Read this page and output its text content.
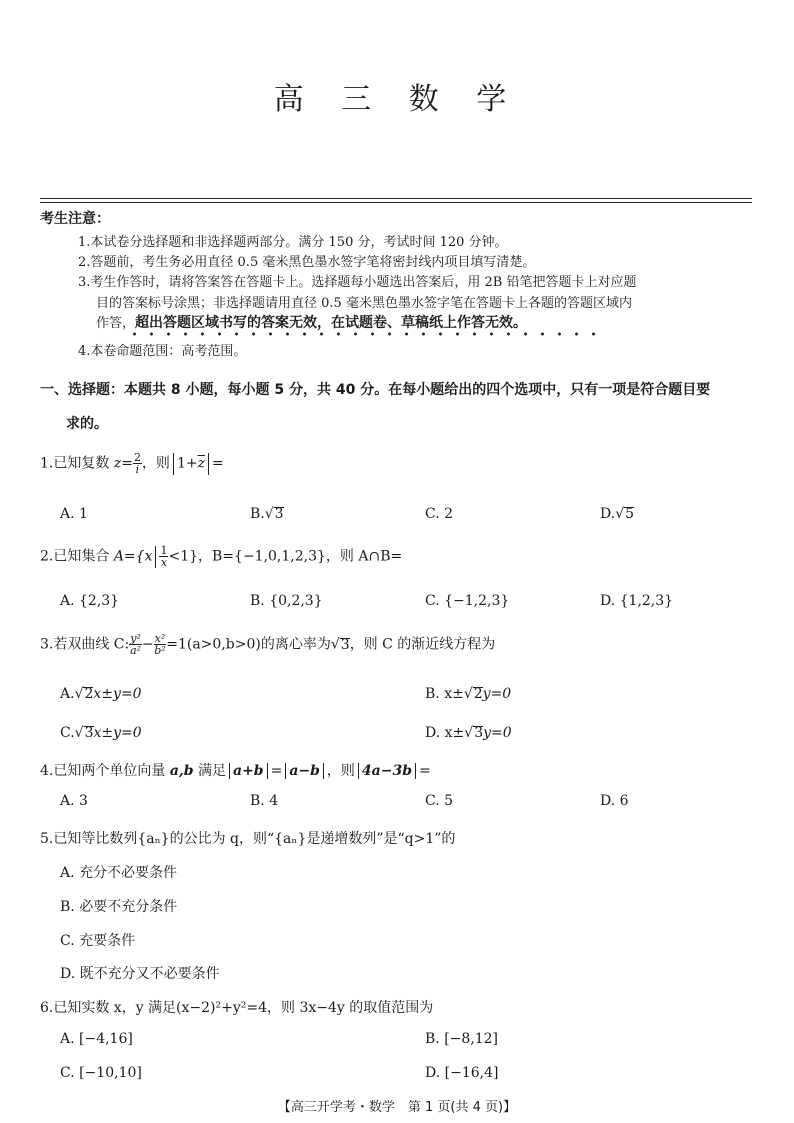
高 三 数 学
考生注意：
1.本试卷分选择题和非选择题两部分。满分 150 分，考试时间 120 分钟。
2.答题前，考生务必用直径 0.5 毫米黑色墨水签字笔将密封线内项目填写清楚。
3.考生作答时，请将答案答在答题卡上。选择题每小题选出答案后，用 2B 铅笔把答题卡上对应题
目的答案标号涂黑；非选择题请用直径 0.5 毫米黑色墨水签字笔在答题卡上各题的答题区域内
作答，超出答题区域书写的答案无效，在试题卷、草稿纸上作答无效。
4.本卷命题范围：高考范围。
一、选择题：本题共 8 小题，每小题 5 分，共 40 分。在每小题给出的四个选项中，只有一项是符合题目要
求的。
1.已知复数 $z= \frac{2}{i}$ ，则 $1+\overline{z}$ =
A. 1	B.√3	C. 2	D.√5
2.已知集合 $A=\{x \frac{1}{x} <1\}$，B={−1,0,1,2,3}，则 A∩B=
A. {2,3}	B. {0,2,3}	C. {−1,2,3}	D. {1,2,3}
3.若双曲线 C: $\frac{\text{y²}}{\text{a²}} - \frac{\text{x²}}{\text{b²}} =1(a>0,b>0)$的离心率为√3，则 C 的渐近线方程为
A.√2x±y=0	B. x±√2y=0
C.√3x±y=0	D. x±√3y=0
4.已知两个单位向量 a,b 满足 a+b = a−b ，则 4a−3b =
A. 3	B. 4	C. 5	D. 6
5.已知等比数列{aₙ}的公比为 q，则“{aₙ}是递增数列”是“q>1”的
A. 充分不必要条件
B. 必要不充分条件
C. 充要条件
D. 既不充分又不必要条件
6.已知实数 x，y 满足(x−2)²+y²=4，则 3x−4y 的取值范围为
A. [−4,16]	B. [−8,12]
C. [−10,10]	D. [−16,4]
【高三开学考・数学　第 1 页(共 4 页)】
